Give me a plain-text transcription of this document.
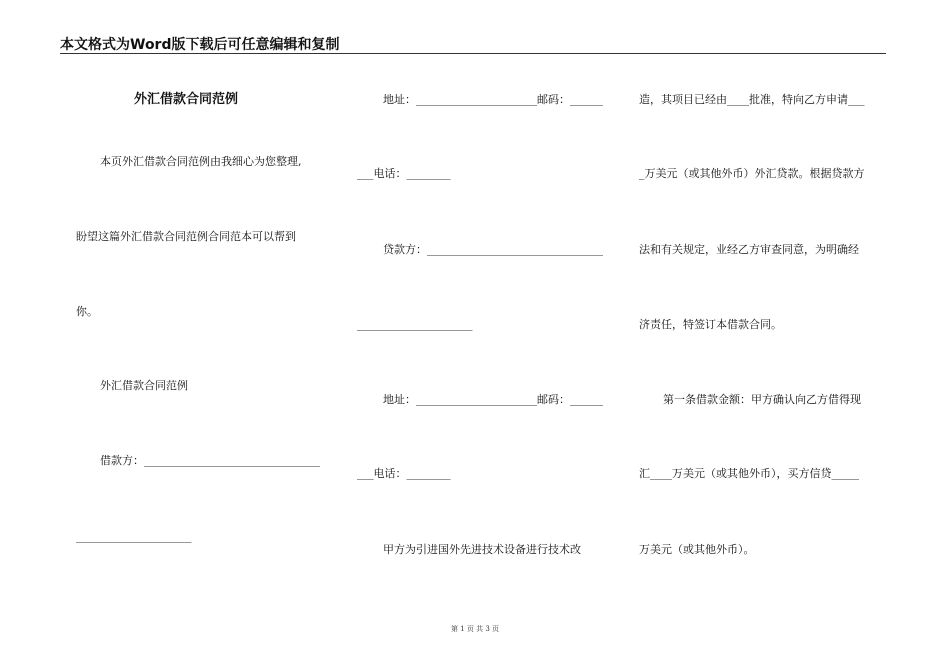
本文格式为Word版下载后可任意编辑和复制
外汇借款合同范例
本页外汇借款合同范例由我细心为您整理,
盼望这篇外汇借款合同范例合同范本可以帮到
你。
外汇借款合同范例
借款方：________________________________
_____________________
地址：______________________邮码：______
___电话：________
贷款方：________________________________
_____________________
地址：______________________邮码：______
___电话：________
甲方为引进国外先进技术设备进行技术改
造，其项目已经由____批准，特向乙方申请___
_万美元（或其他外币）外汇贷款。根据贷款方
法和有关规定，业经乙方审查同意，为明确经
济责任，特签订本借款合同。
第一条借款金额：甲方确认向乙方借得现
汇____万美元（或其他外币），买方信贷_____
万美元（或其他外币）。
第 1 页 共 3 页
